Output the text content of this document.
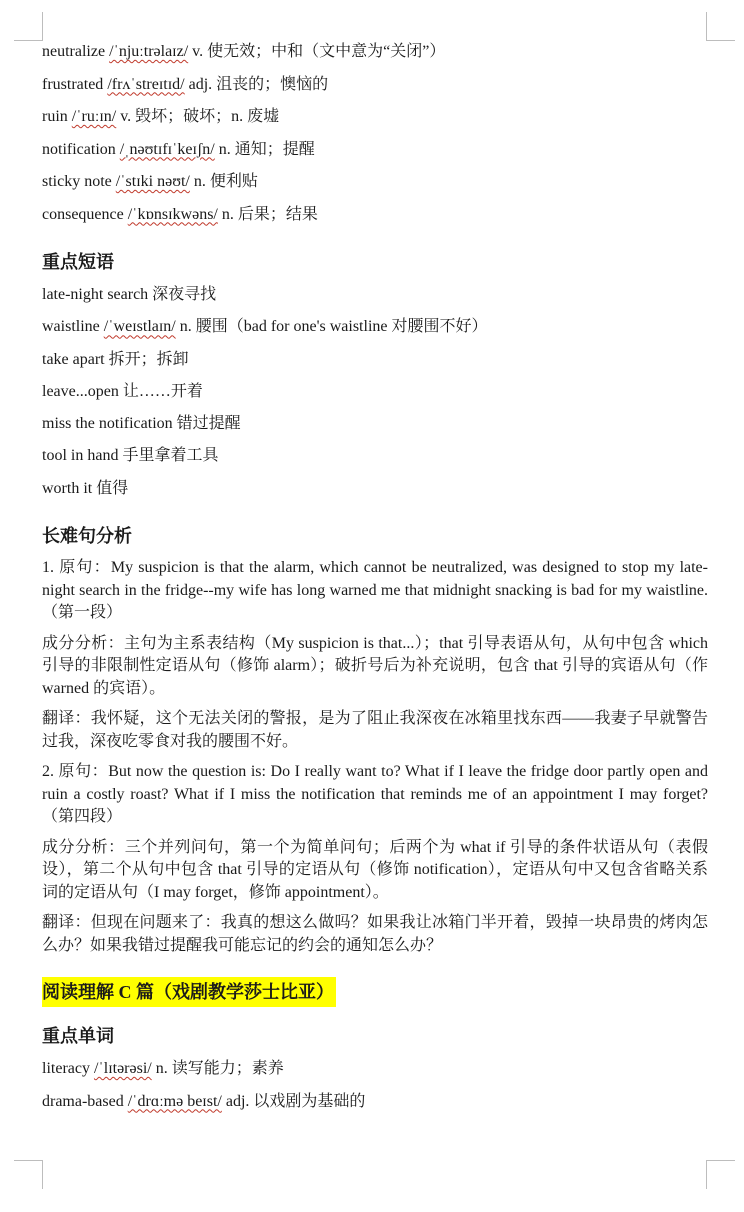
neutralize /ˈnjuːtrəlaɪz/ v. 使无效；中和（文中意为“关闭”）
frustrated /frʌˈstreɪtɪd/ adj. 沮丧的；懊恼的
ruin /ˈruːɪn/ v. 毁坏；破坏；n. 废墟
notification /ˌnəʊtɪfɪˈkeɪʃn/ n. 通知；提醒
sticky note /ˈstɪki nəʊt/ n. 便利贴
consequence /ˈkɒnsɪkwəns/ n. 后果；结果
重点短语
late-night search 深夜寻找
waistline /ˈweɪstlaɪn/ n. 腰围（bad for one's waistline 对腰围不好）
take apart 拆开；拆卸
leave...open 让……开着
miss the notification 错过提醒
tool in hand 手里拿着工具
worth it 值得
长难句分析
1. 原句：My suspicion is that the alarm, which cannot be neutralized, was designed to stop my late-night search in the fridge--my wife has long warned me that midnight snacking is bad for my waistline.（第一段）
成分分析：主句为主系表结构（My suspicion is that...）；that 引导表语从句，从句中包含 which 引导的非限制性定语从句（修饰 alarm）；破折号后为补充说明，包含 that 引导的宾语从句（作 warned 的宾语）。
翻译：我怀疑，这个无法关闭的警报，是为了阻止我深夜在冰箱里找东西——我妻子早就警告过我，深夜吃零食对我的腰围不好。
2. 原句：But now the question is: Do I really want to? What if I leave the fridge door partly open and ruin a costly roast? What if I miss the notification that reminds me of an appointment I may forget?（第四段）
成分分析：三个并列问句，第一个为简单问句；后两个为 what if 引导的条件状语从句（表假设），第二个从句中包含 that 引导的定语从句（修饰 notification），定语从句中又包含省略关系词的定语从句（I may forget，修饰 appointment）。
翻译：但现在问题来了：我真的想这么做吗？如果我让冰箱门半开着，毁掉一块昂贵的烤肉怎么办？如果我错过提醒我可能忘记的约会的通知怎么办？
阅读理解 C 篇（戏剧教学莎士比亚）
重点单词
literacy /ˈlɪtərəsi/ n. 读写能力；素养
drama-based /ˈdrɑːmə beɪst/ adj. 以戏剧为基础的
